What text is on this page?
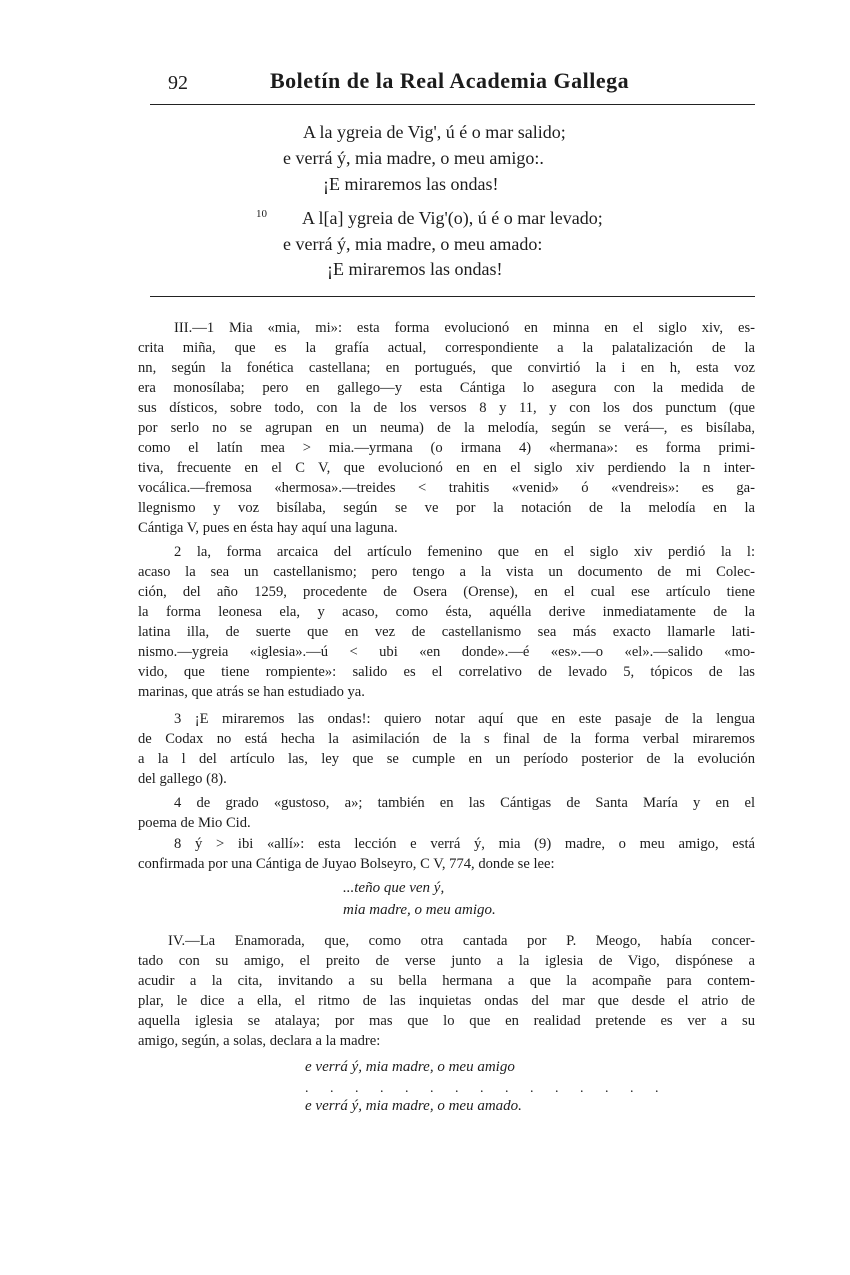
92	Boletín de la Real Academia Gallega
A la ygreia de Vig', ú é o mar salido;
e verrá ý, mia madre, o meu amigo:.
¡E miraremos las ondas!
10 A l[a] ygreia de Vig'(o), ú é o mar levado;
e verrá ý, mia madre, o meu amado:
¡E miraremos las ondas!
III.—1 Mia «mia, mi»: esta forma evolucionó en minna en el siglo xiv, es-
crita miña, que es la grafía actual, correspondiente a la palatalización de la
nn, según la fonética castellana; en portugués, que convirtió la i en h, esta voz
era monosílaba; pero en gallego—y esta Cántiga lo asegura con la medida de
sus dísticos, sobre todo, con la de los versos 8 y 11, y con los dos punctum (que
por serlo no se agrupan en un neuma) de la melodía, según se verá—, es bisílaba,
como el latín mea > mia.—yrmana (o irmana 4) «hermana»: es forma primi-
tiva, frecuente en el C V, que evolucionó en en el siglo xiv perdiendo la n inter-
vocálica.—fremosa «hermosa».—treides < trahitis «venid» ó «vendreis»: es ga-
llegnismo y voz bisílaba, según se ve por la notación de la melodía en la
Cántiga V, pues en ésta hay aquí una laguna.
2 la, forma arcaica del artículo femenino que en el siglo xiv perdió la l:
acaso la sea un castellanismo; pero tengo a la vista un documento de mi Colec-
ción, del año 1259, procedente de Osera (Orense), en el cual ese artículo tiene
la forma leonesa ela, y acaso, como ésta, aquélla derive inmediatamente de la
latina illa, de suerte que en vez de castellanismo sea más exacto llamarle lati-
nismo.—ygreia «iglesia».—ú < ubi «en donde».—é «es».—o «el».—salido «mo-
vido, que tiene rompiente»: salido es el correlativo de levado 5, tópicos de las
marinas, que atrás se han estudiado ya.
3 ¡E miraremos las ondas!: quiero notar aquí que en este pasaje de la lengua
de Codax no está hecha la asimilación de la s final de la forma verbal miraremos
a la l del artículo las, ley que se cumple en un período posterior de la evolución
del gallego (8).
4 de grado «gustoso, a»; también en las Cántigas de Santa María y en el
poema de Mio Cid.
8 ý > ibi «allí»: esta lección e verrá ý, mia (9) madre, o meu amigo, está
confirmada por una Cántiga de Juyao Bolseyro, C V, 774, donde se lee:
...teño que ven ý,
mia madre, o meu amigo.
IV.—La Enamorada, que, como otra cantada por P. Meogo, había concer-
tado con su amigo, el preito de verse junto a la iglesia de Vigo, dispónese a
acudir a la cita, invitando a su bella hermana a que la acompañe para contem-
plar, le dice a ella, el ritmo de las inquietas ondas del mar que desde el atrio de
aquella iglesia se atalaya; por mas que lo que en realidad pretende es ver a su
amigo, según, a solas, declara a la madre:
e verrá ý, mia madre, o meu amigo
. . . . . . . . . . . . . . .
e verrá ý, mia madre, o meu amado.
